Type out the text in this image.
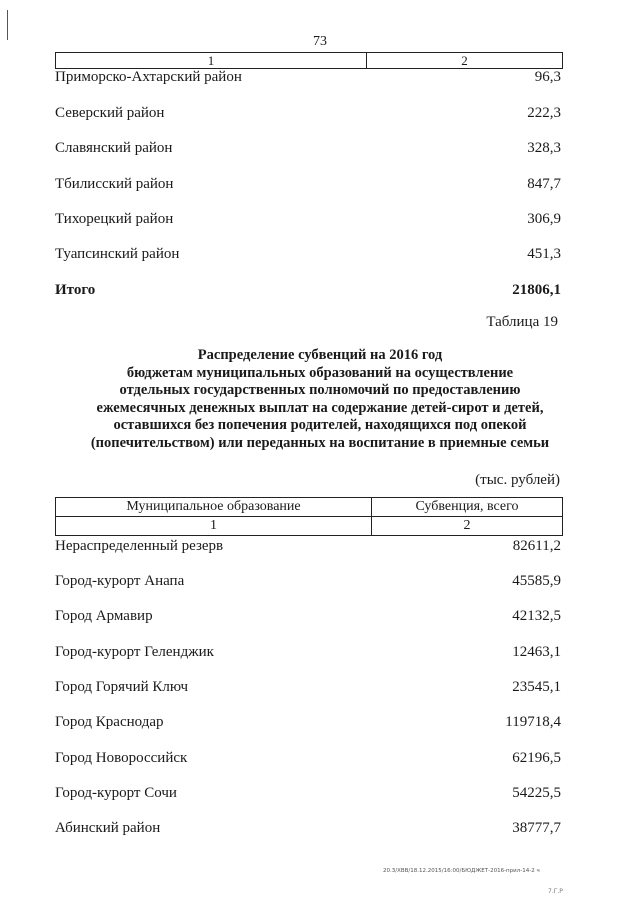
73
1	2
Приморско-Ахтарский район	96,3
Северский район	222,3
Славянский район	328,3
Тбилисский район	847,7
Тихорецкий район	306,9
Туапсинский район	451,3
Итого	21806,1
Таблица 19
Распределение субвенций на 2016 год
бюджетам муниципальных образований на осуществление
отдельных государственных полномочий по предоставлению
ежемесячных денежных выплат на содержание детей-сирот и детей,
оставшихся без попечения родителей, находящихся под опекой
(попечительством) или переданных на воспитание в приемные семьи
(тыс. рублей)
Муниципальное образование	Субвенция, всего
1	2
Нераспределенный резерв	82611,2
Город-курорт Анапа	45585,9
Город Армавир	42132,5
Город-курорт Геленджик	12463,1
Город Горячий Ключ	23545,1
Город Краснодар	119718,4
Город Новороссийск	62196,5
Город-курорт Сочи	54225,5
Абинский район	38777,7
20.3/ХВВ/18.12.2015/16:00/БЮДЖЕТ-2016-прил-14-2 ч
7.Г.Р
